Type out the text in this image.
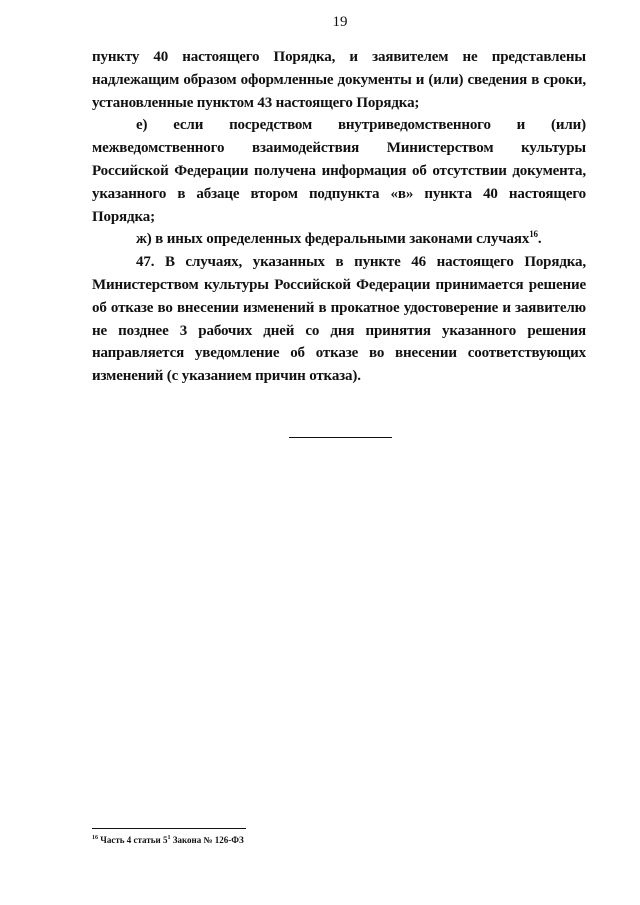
19

пункту 40 настоящего Порядка, и заявителем не представлены надлежащим образом оформленные документы и (или) сведения в сроки, установленные пунктом 43 настоящего Порядка;

е) если посредством внутриведомственного и (или) межведомственного взаимодействия Министерством культуры Российской Федерации получена информация об отсутствии документа, указанного в абзаце втором подпункта «в» пункта 40 настоящего Порядка;

ж) в иных определенных федеральными законами случаях$^{16}$.

47. В случаях, указанных в пункте 46 настоящего Порядка, Министерством культуры Российской Федерации принимается решение об отказе во внесении изменений в прокатное удостоверение и заявителю не позднее 3 рабочих дней со дня принятия указанного решения направляется уведомление об отказе во внесении соответствующих изменений (с указанием причин отказа).

$^{16}$ Часть 4 статьи $5^1$ Закона № 126-ФЗ
